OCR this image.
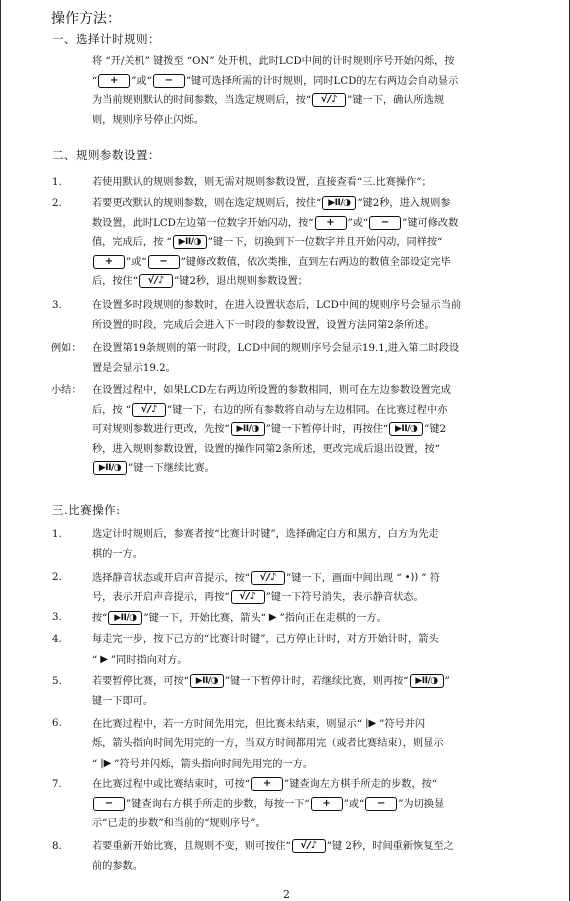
操作方法：
一、选择计时规则：
将 “开/关机” 键拨至 “ON” 处开机，此时LCD中间的计时规则序号开始闪烁，按
“ + ”或“ − ”键可选择所需的计时规则，同时LCD的左右两边会自动显示
为当前规则默认的时间参数，当选定规则后，按“ √/♪ ”键一下，确认所选规
则，规则序号停止闪烁。
二、规则参数设置：
1.	若使用默认的规则参数，则无需对规则参数设置，直接查看“三.比赛操作”；
2.	若要更改默认的规则参数，则在选定规则后，按住“ ▶II/◑ ”键2秒，进入规则参
数设置，此时LCD左边第一位数字开始闪动，按“ + ”或“ − ”键可修改数
值，完成后，按 “ ▶II/◑ ”键一下，切换到下一位数字并且开始闪动，同样按“
+ ”或“ − ”键修改数值，依次类推，直到左右两边的数值全部设定完毕
后，按住“ √/♪ ”键2秒，退出规则参数设置；
3.	在设置多时段规则的参数时，在进入设置状态后，LCD中间的规则序号会显示当前
所设置的时段，完成后会进入下一时段的参数设置，设置方法同第2条所述。
例如： 在设置第19条规则的第一时段，LCD中间的规则序号会显示19.1,进入第二时段设
置是会显示19.2。
小结： 在设置过程中，如果LCD左右两边所设置的参数相同，则可在左边参数设置完成
后，按 “ √/♪ ”键一下，右边的所有参数将自动与左边相同。在比赛过程中亦
可对规则参数进行更改，先按“ ▶II/◑ ”键一下暂停计时，再按住“ ▶II/◑ ”键2
秒，进入规则参数设置，设置的操作同第2条所述，更改完成后退出设置，按“
▶II/◑ ”键一下继续比赛。
三.比赛操作:
1.	选定计时规则后，参赛者按“比赛计时键”，选择确定白方和黑方，白方为先走
棋的一方。
2.	选择静音状态或开启声音提示，按“ √/♪ ”键一下，画面中间出现 “ •)) ” 符
号，表示开启声音提示，再按“ √/♪ ”键一下符号消失，表示静音状态。
3.	按“ ▶II/◑ ”键一下，开始比赛，箭头“ ▶ ”指向正在走棋的一方。
4.	每走完一步，按下己方的“比赛计时键”，己方停止计时，对方开始计时，箭头
“ ▶ ”同时指向对方。
5.	若要暂停比赛，可按“ ▶II/◑ ”键一下暂停计时，若继续比赛，则再按“ ▶II/◑ ”
键一下即可。
6.	在比赛过程中，若一方时间先用完，但比赛未结束，则显示“ |▶ ”符号并闪
烁，箭头指向时间先用完的一方，当双方时间都用完（或者比赛结束），则显示
“ |▶ ”符号并闪烁，箭头指向时间先用完的一方。
7.	在比赛过程中或比赛结束时，可按“ + ”键查询左方棋手所走的步数，按“
− ”键查询右方棋手所走的步数，每按一下“ + ”或“ − ”为切换显
示“已走的步数”和当前的“规则序号”。
8.	若要重新开始比赛，且规则不变，则可按住“ √/♪ ”键 2秒，时间重新恢复至之
前的参数。
2
